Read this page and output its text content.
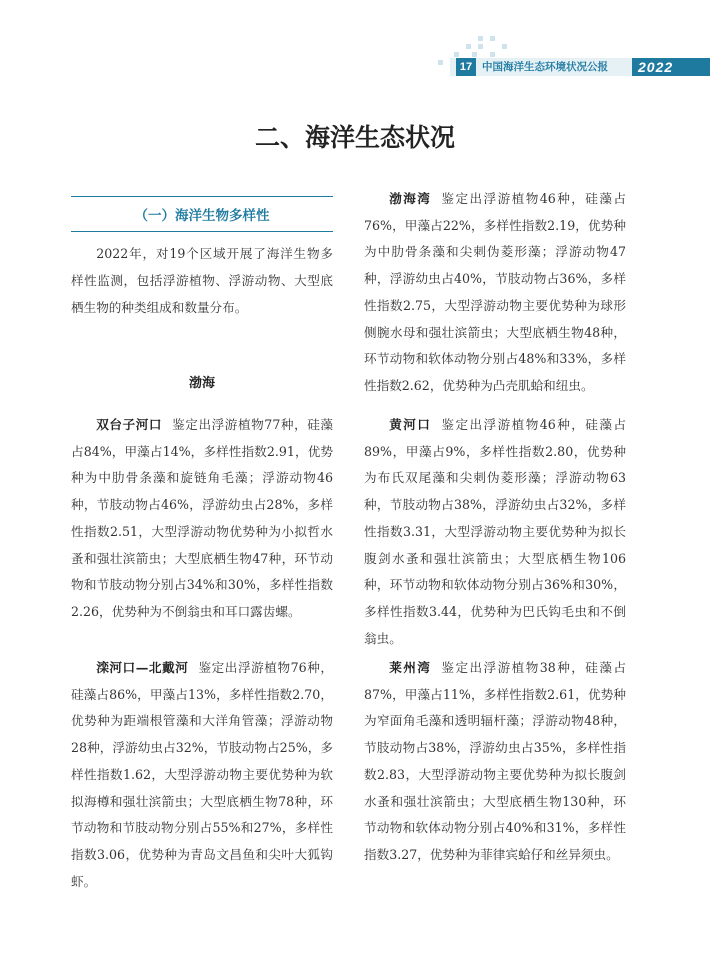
17 中国海洋生态环境状况公报	2022
二、海洋生态状况
（一）海洋生物多样性
2022年，对19个区域开展了海洋生物多样性监测，包括浮游植物、浮游动物、大型底栖生物的种类组成和数量分布。
渤海

双台子河口 鉴定出浮游植物77种，硅藻占84%，甲藻占14%，多样性指数2.91，优势种为中肋骨条藻和旋链角毛藻；浮游动物46种，节肢动物占46%，浮游幼虫占28%，多样性指数2.51，大型浮游动物优势种为小拟哲水蚤和强壮滨箭虫；大型底栖生物47种，环节动物和节肢动物分别占34%和30%，多样性指数2.26，优势种为不倒翁虫和耳口露齿螺。

滦河口—北戴河 鉴定出浮游植物76种，硅藻占86%，甲藻占13%，多样性指数2.70，优势种为距端根管藻和大洋角管藻；浮游动物28种，浮游幼虫占32%，节肢动物占25%，多样性指数1.62，大型浮游动物主要优势种为软拟海樽和强壮滨箭虫；大型底栖生物78种，环节动物和节肢动物分别占55%和27%，多样性指数3.06，优势种为青岛文昌鱼和尖叶大狐钩虾。

渤海湾 鉴定出浮游植物46种，硅藻占76%，甲藻占22%，多样性指数2.19，优势种为中肋骨条藻和尖刺伪菱形藻；浮游动物47种，浮游幼虫占40%，节肢动物占36%，多样性指数2.75，大型浮游动物主要优势种为球形侧腕水母和强壮滨箭虫；大型底栖生物48种，环节动物和软体动物分别占48%和33%，多样性指数2.62，优势种为凸壳肌蛤和纽虫。

黄河口 鉴定出浮游植物46种，硅藻占89%，甲藻占9%，多样性指数2.80，优势种为布氏双尾藻和尖刺伪菱形藻；浮游动物63种，节肢动物占38%，浮游幼虫占32%，多样性指数3.31，大型浮游动物主要优势种为拟长腹剑水蚤和强壮滨箭虫；大型底栖生物106种，环节动物和软体动物分别占36%和30%，多样性指数3.44，优势种为巴氏钩毛虫和不倒翁虫。

莱州湾 鉴定出浮游植物38种，硅藻占87%，甲藻占11%，多样性指数2.61，优势种为窄面角毛藻和透明辐杆藻；浮游动物48种，节肢动物占38%，浮游幼虫占35%，多样性指数2.83，大型浮游动物主要优势种为拟长腹剑水蚤和强壮滨箭虫；大型底栖生物130种，环节动物和软体动物分别占40%和31%，多样性指数3.27，优势种为菲律宾蛤仔和丝异须虫。
